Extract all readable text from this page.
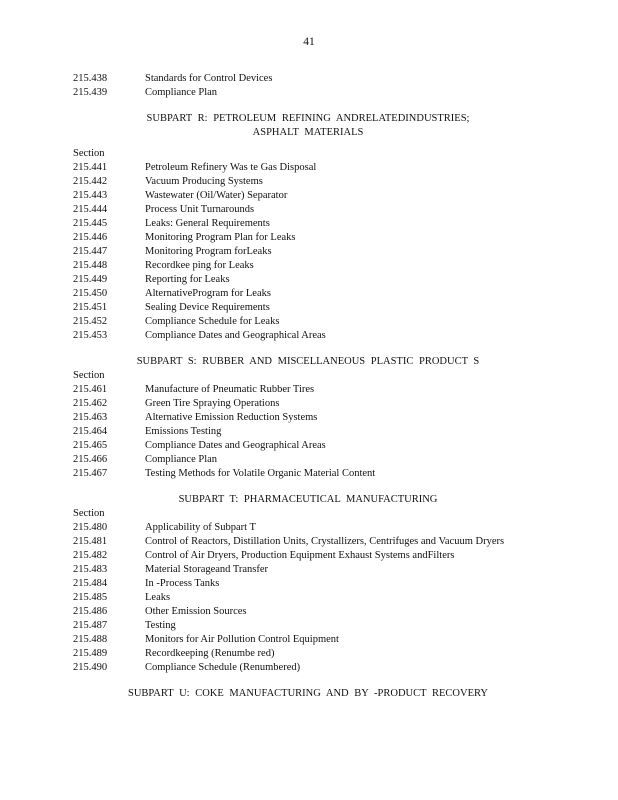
41
215.438	Standards for Control Devices
215.439	Compliance Plan
SUBPART R: PETROLEUM REFINING ANDRELATEDINDUSTRIES;
ASPHALT MATERIALS
Section
215.441	Petroleum Refinery Was te Gas Disposal
215.442	Vacuum Producing Systems
215.443	Wastewater (Oil/Water) Separator
215.444	Process Unit Turnarounds
215.445	Leaks: General Requirements
215.446	Monitoring Program Plan for Leaks
215.447	Monitoring Program forLeaks
215.448	Recordkee ping for Leaks
215.449	Reporting for Leaks
215.450	AlternativeProgram for Leaks
215.451	Sealing Device Requirements
215.452	Compliance Schedule for Leaks
215.453	Compliance Dates and Geographical Areas
SUBPART S: RUBBER AND MISCELLANEOUS PLASTIC PRODUCT S
Section
215.461	Manufacture of Pneumatic Rubber Tires
215.462	Green Tire Spraying Operations
215.463	Alternative Emission Reduction Systems
215.464	Emissions Testing
215.465	Compliance Dates and Geographical Areas
215.466	Compliance Plan
215.467	Testing Methods for Volatile Organic Material Content
SUBPART T: PHARMACEUTICAL MANUFACTURING
Section
215.480	Applicability of Subpart T
215.481	Control of Reactors, Distillation Units, Crystallizers, Centrifuges and Vacuum Dryers
215.482	Control of Air Dryers, Production Equipment Exhaust Systems andFilters
215.483	Material Storageand Transfer
215.484	In -Process Tanks
215.485	Leaks
215.486	Other Emission Sources
215.487	Testing
215.488	Monitors for Air Pollution Control Equipment
215.489	Recordkeeping (Renumbe red)
215.490	Compliance Schedule (Renumbered)
SUBPART U: COKE MANUFACTURING AND BY -PRODUCT RECOVERY
